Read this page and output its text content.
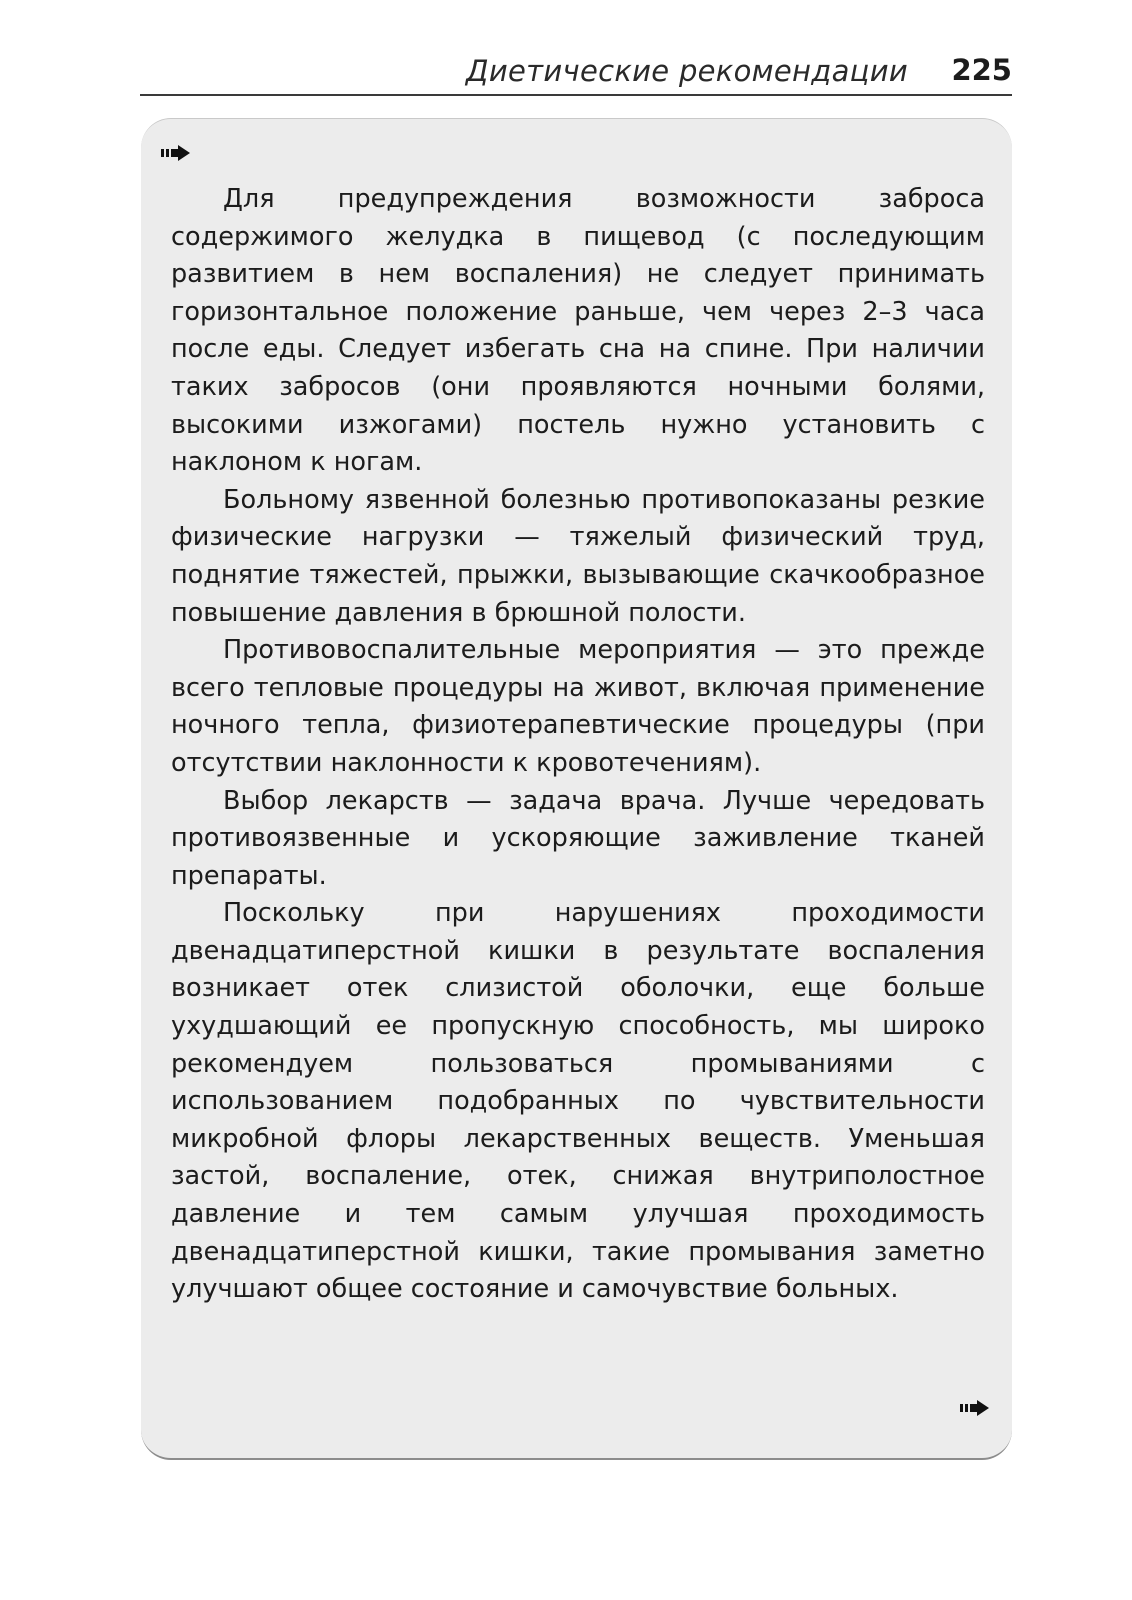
Диетические рекомендации 225

Для предупреждения возможности заброса содержимого желудка в пищевод (с последующим развитием в нем воспаления) не следует принимать горизонтальное положение раньше, чем через 2–3 часа после еды. Следует избегать сна на спине. При наличии таких забросов (они проявляются ночными болями, высокими изжогами) постель нужно установить с наклоном к ногам.

Больному язвенной болезнью противопоказаны резкие физические нагрузки — тяжелый физический труд, поднятие тяжестей, прыжки, вызывающие скачкообразное повышение давления в брюшной полости.

Противовоспалительные мероприятия — это прежде всего тепловые процедуры на живот, включая применение ночного тепла, физиотерапевтические процедуры (при отсутствии наклонности к кровотечениям).

Выбор лекарств — задача врача. Лучше чередовать противоязвенные и ускоряющие заживление тканей препараты.

Поскольку при нарушениях проходимости двенадцатиперстной кишки в результате воспаления возникает отек слизистой оболочки, еще больше ухудшающий ее пропускную способность, мы широко рекомендуем пользоваться промываниями с использованием подобранных по чувствительности микробной флоры лекарственных веществ. Уменьшая застой, воспаление, отек, снижая внутриполостное давление и тем самым улучшая проходимость двенадцатиперстной кишки, такие промывания заметно улучшают общее состояние и самочувствие больных.
